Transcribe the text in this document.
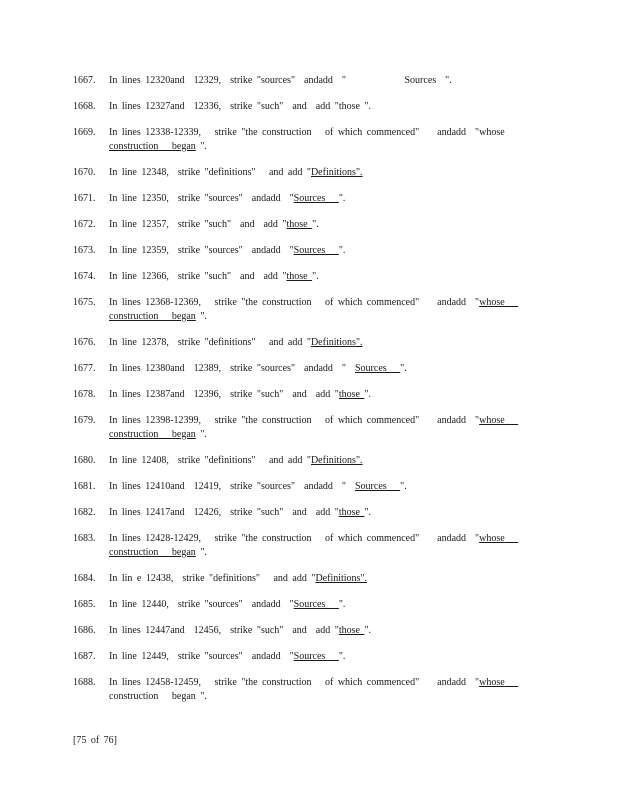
1667. In lines 12320and  12329,  strike "sources"  andadd  "             Sources  ".
1668. In lines 12327and  12336,  strike "such"  and  add "those ".
1669. In lines 12338-12339,   strike "the construction   of which commenced"    andadd  "whose
construction   began ".
1670. In line 12348,  strike "definitions"   and add "Definitions".
1671. In line 12350,  strike "sources"  andadd  "Sources   ".
1672. In line 12357,  strike "such"  and  add "those ".
1673. In line 12359,  strike "sources"  andadd  "Sources   ".
1674. In line 12366,  strike "such"  and  add "those ".
1675. In lines 12368-12369,   strike "the construction   of which commenced"    andadd  "whose
construction   began ".
1676. In line 12378,  strike "definitions"   and add "Definitions".
1677. In lines 12380and  12389,  strike "sources"  andadd  "  Sources   ".
1678. In lines 12387and  12396,  strike "such"  and  add "those ".
1679. In lines 12398-12399,   strike "the construction   of which commenced"    andadd  "whose
construction   began ".
1680. In line 12408,  strike "definitions"   and add "Definitions".
1681. In lines 12410and  12419,  strike "sources"  andadd  "  Sources   ".
1682. In lines 12417and  12426,  strike "such"  and  add "those ".
1683. In lines 12428-12429,   strike "the construction   of which commenced"    andadd  "whose
construction   began ".
1684. In lin e 12438,  strike "definitions"   and add "Definitions".
1685. In line 12440,  strike "sources"  andadd  "Sources   ".
1686. In lines 12447and  12456,  strike "such"  and  add "those ".
1687. In line 12449,  strike "sources"  andadd  "Sources   ".
1688. In lines 12458-12459,   strike "the construction   of which commenced"    andadd  "whose
construction   began ".
[75 of 76]
